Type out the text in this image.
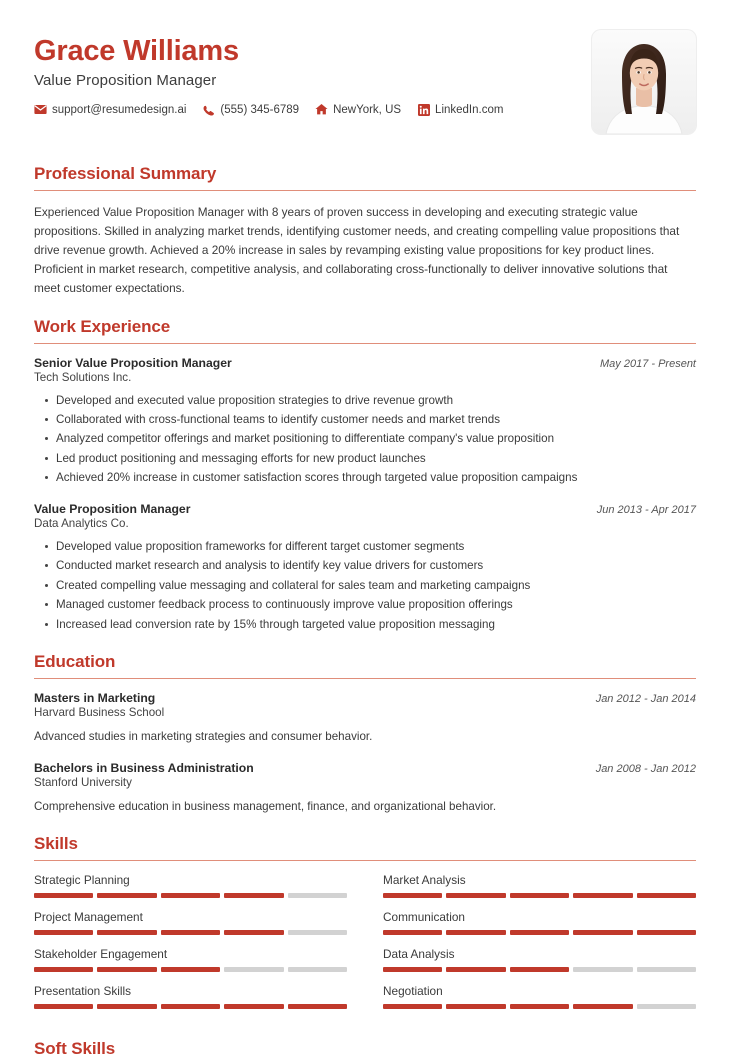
Grace Williams
Value Proposition Manager
support@resumedesign.ai	(555) 345-6789	NewYork, US	LinkedIn.com
Professional Summary

Experienced Value Proposition Manager with 8 years of proven success in developing and executing strategic value propositions. Skilled in analyzing market trends, identifying customer needs, and creating compelling value propositions that drive revenue growth. Achieved a 20% increase in sales by revamping existing value propositions for key product lines. Proficient in market research, competitive analysis, and collaborating cross-functionally to deliver innovative solutions that meet customer expectations.

Work Experience
Senior Value Proposition Manager	May 2017 - Present
Tech Solutions Inc.
Developed and executed value proposition strategies to drive revenue growth
Collaborated with cross-functional teams to identify customer needs and market trends
Analyzed competitor offerings and market positioning to differentiate company's value proposition
Led product positioning and messaging efforts for new product launches
Achieved 20% increase in customer satisfaction scores through targeted value proposition campaigns
Value Proposition Manager	Jun 2013 - Apr 2017
Data Analytics Co.
Developed value proposition frameworks for different target customer segments
Conducted market research and analysis to identify key value drivers for customers
Created compelling value messaging and collateral for sales team and marketing campaigns
Managed customer feedback process to continuously improve value proposition offerings
Increased lead conversion rate by 15% through targeted value proposition messaging
Education
Masters in Marketing	Jan 2012 - Jan 2014
Harvard Business School
Advanced studies in marketing strategies and consumer behavior.
Bachelors in Business Administration	Jan 2008 - Jan 2012
Stanford University
Comprehensive education in business management, finance, and organizational behavior.
Skills
Strategic Planning	Market Analysis
Project Management	Communication
Stakeholder Engagement	Data Analysis
Presentation Skills	Negotiation
Soft Skills
